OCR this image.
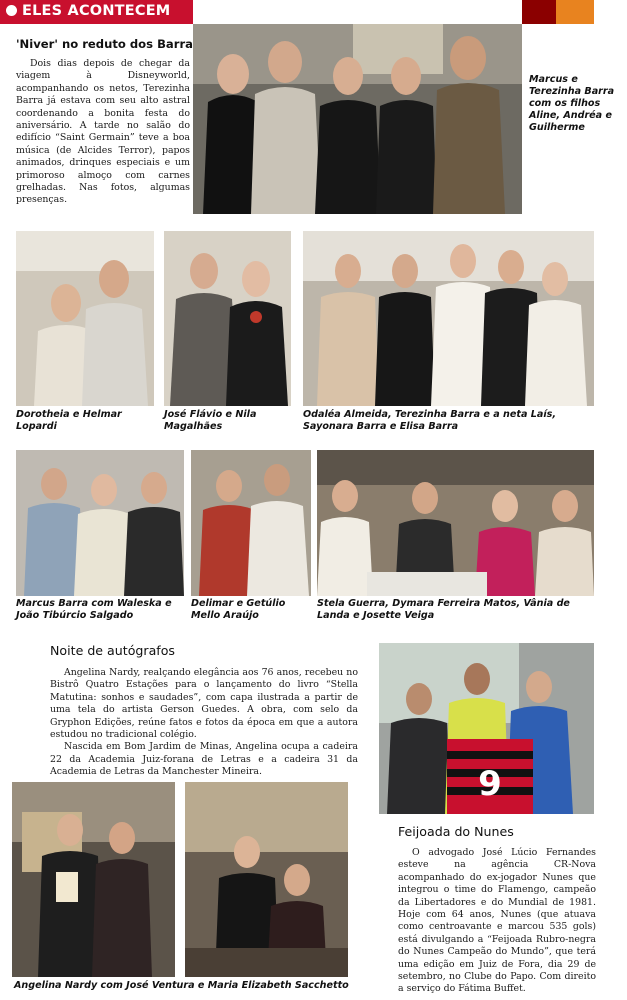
ELES ACONTECEM
'Niver' no reduto dos Barra

Dois dias depois de chegar da viagem à Disneyworld, acompanhando os netos, Terezinha Barra já estava com seu alto astral coordenando a bonita festa do aniversário. A tarde no salão do edifício “Saint Germain” teve a boa música (de Alcides Terror), papos animados, drinques especiais e um primoroso almoço com carnes grelhadas. Nas fotos, algumas presenças.

Marcus e Terezinha Barra com os filhos Aline, Andréa e Guilherme
Dorotheia e Helmar Lopardi
José Flávio e Nila Magalhães
Odaléa Almeida, Terezinha Barra e a neta Laís, Sayonara Barra e Elisa Barra
Marcus Barra com Waleska e João Tibúrcio Salgado
Delimar e Getúlio Mello Araújo
Stela Guerra, Dymara Ferreira Matos, Vânia de Landa e Josette Veiga
Noite de autógrafos

Angelina Nardy, realçando elegância aos 76 anos, recebeu no Bistrô Quatro Estações para o lançamento do livro “Stella Matutina: sonhos e saudades”, com capa ilustrada a partir de uma tela do artista Gerson Guedes. A obra, com selo da Gryphon Edições, reúne fatos e fotos da época em que a autora estudou no tradicional colégio.

Nascida em Bom Jardim de Minas, Angelina ocupa a cadeira 22 da Academia Juiz-forana de Letras e a cadeira 31 da Academia de Letras da Manchester Mineira.

Angelina Nardy com José Ventura e Maria Elizabeth Sacchetto
9
Feijoada do Nunes

O advogado José Lúcio Fernandes esteve na agência CR-Nova acompanhado do ex-jogador Nunes que integrou o time do Flamengo, campeão da Libertadores e do Mundial de 1981. Hoje com 64 anos, Nunes (que atuava como centroavante e marcou 535 gols) está divulgando a “Feijoada Rubro-negra do Nunes Campeão do Mundo”, que terá uma edição em Juiz de Fora, dia 29 de setembro, no Clube do Papo. Com direito a serviço do Fátima Buffet.
